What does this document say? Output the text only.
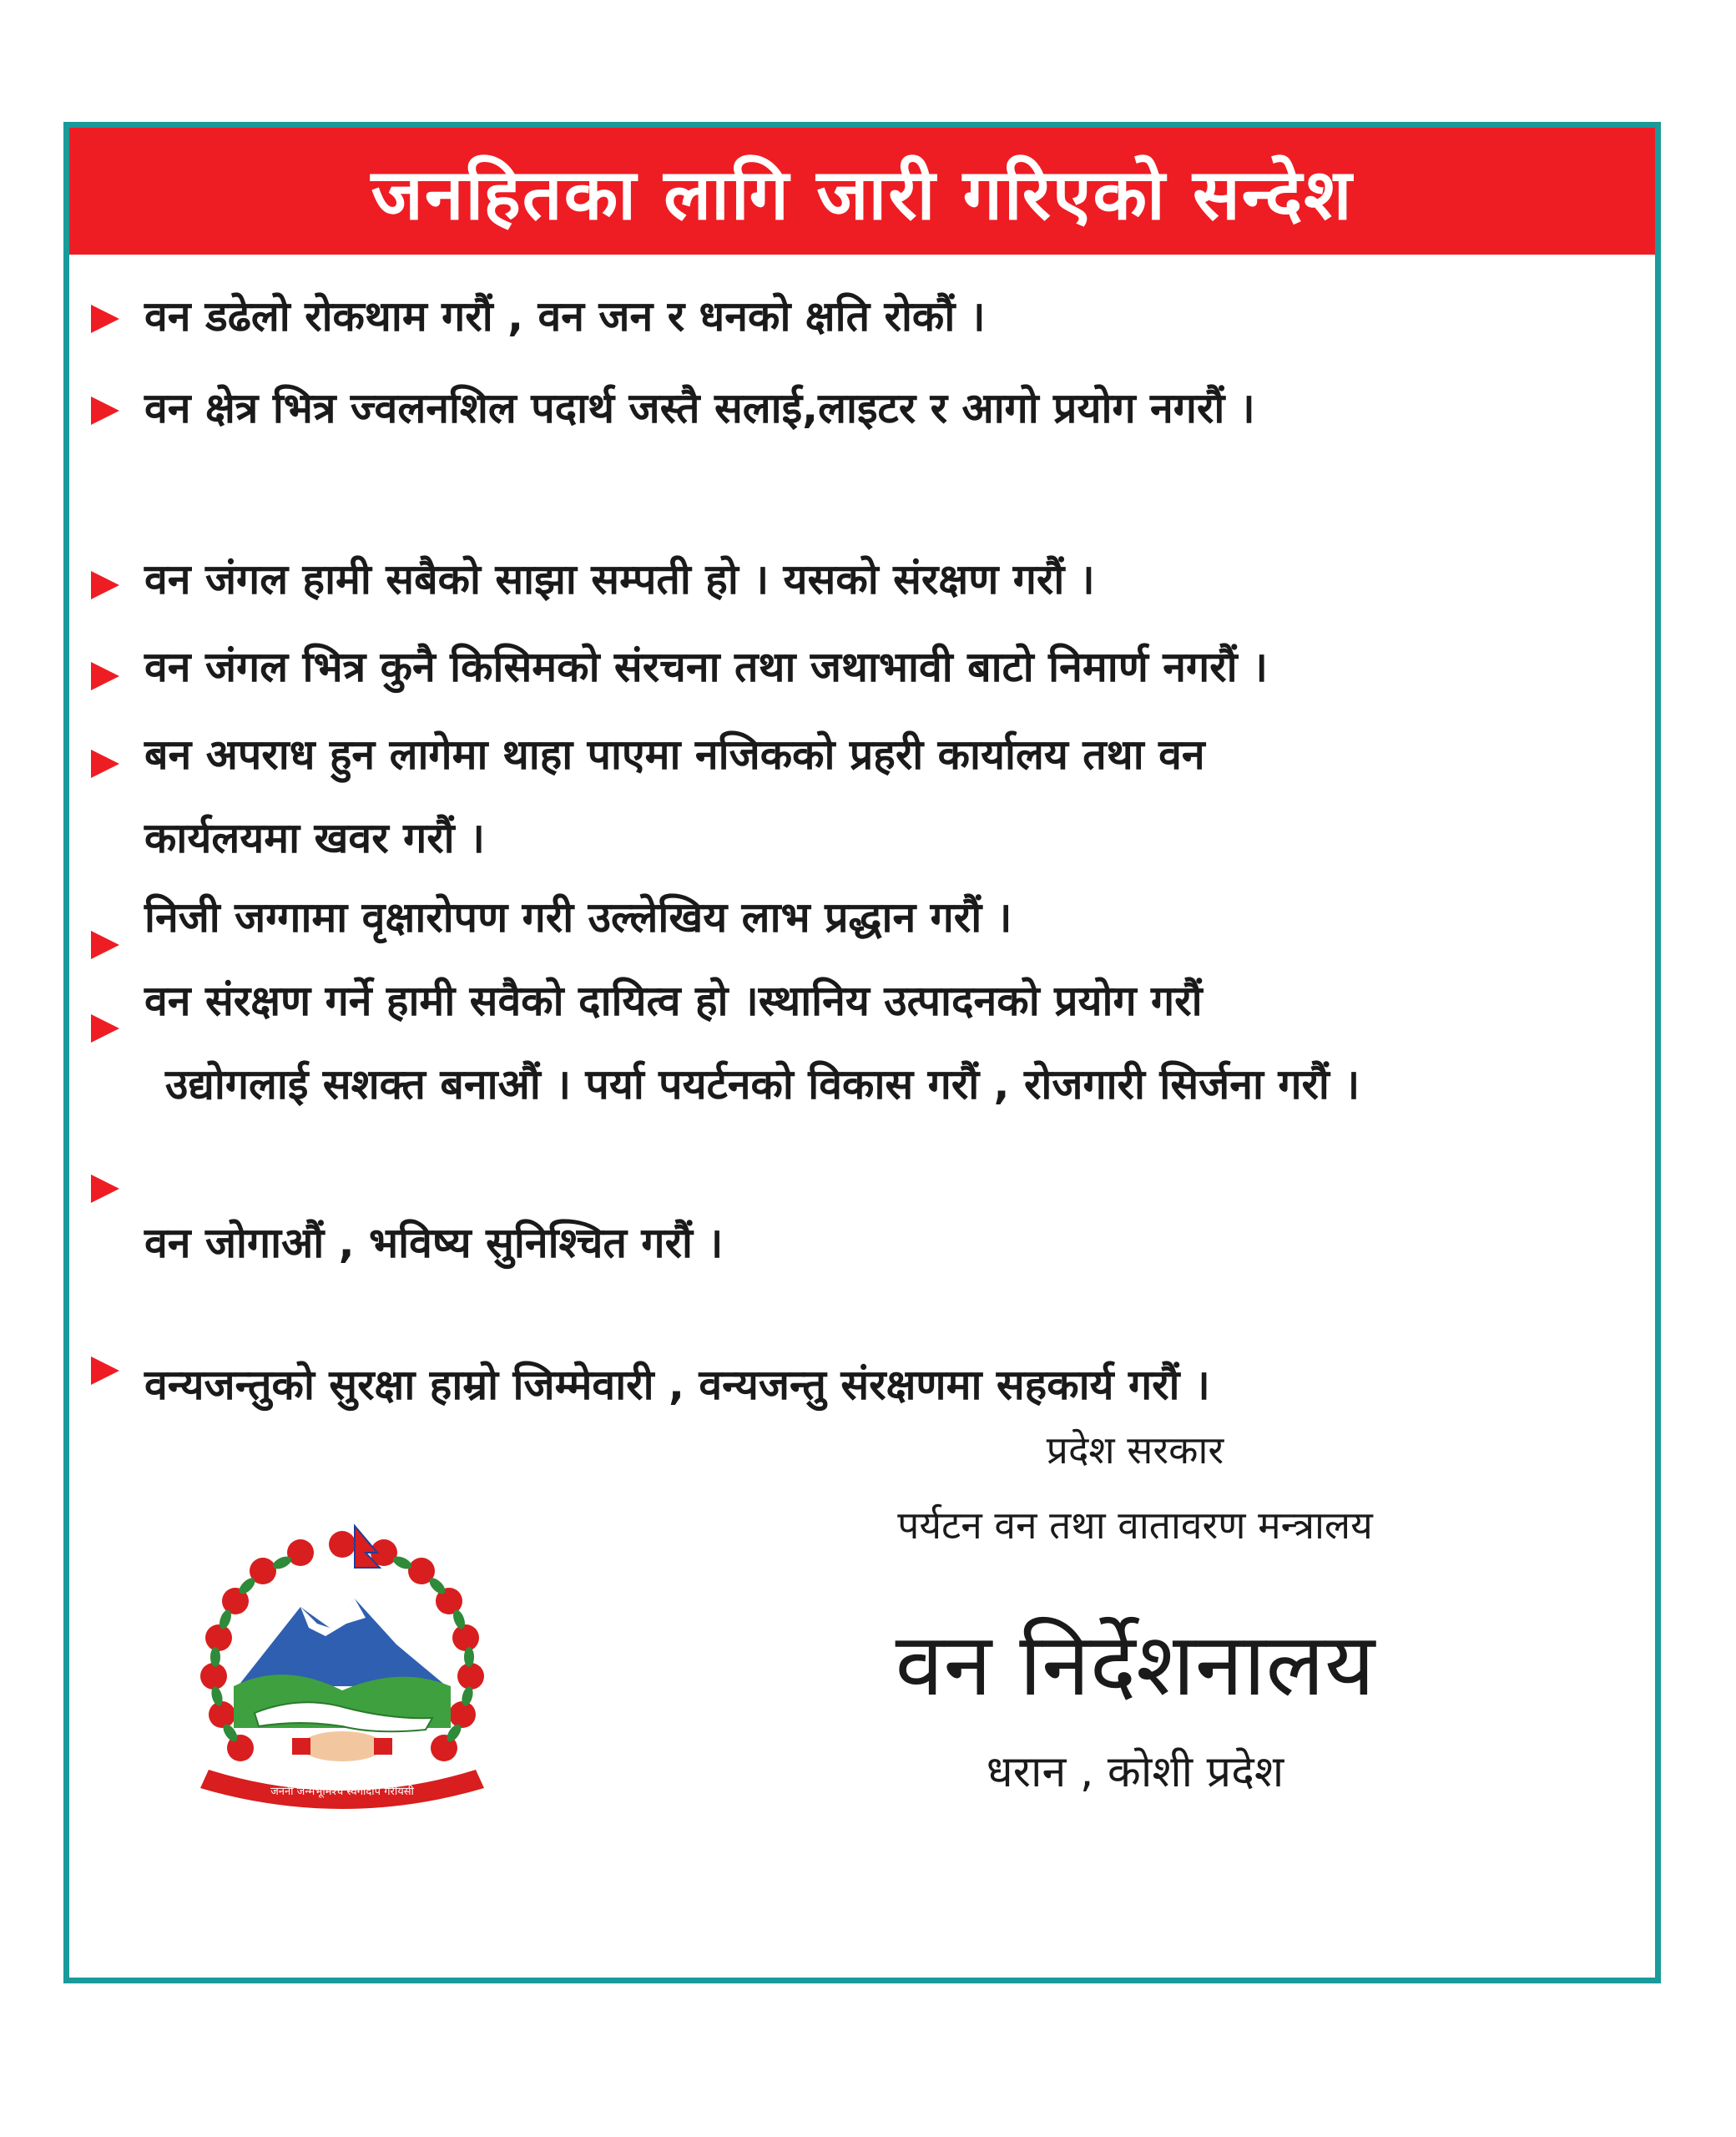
जनहितका लागि जारी गरिएको सन्देश
वन डढेलो रोकथाम गरौं , वन जन र धनको क्षति रोकौं ।
वन क्षेत्र भित्र ज्वलनशिल पदार्थ जस्तै सलाई,लाइटर र आगो प्रयोग नगरौं ।
वन जंगल हामी सबैको साझा सम्पती हो । यसको संरक्षण गरौं ।
वन जंगल भित्र कुनै किसिमको संरचना तथा जथाभावी बाटो निमार्ण नगरौं ।
बन अपराध हुन लागेमा थाहा पाएमा नजिकको प्रहरी कार्यालय तथा वन
कार्यलयमा खवर गरौं ।
निजी जग्गामा वृक्षारोपण गरी उल्लेखिय लाभ प्रद्धान गरौं ।
वन संरक्षण गर्ने हामी सवैको दायित्व हो ।स्थानिय उत्पादनको प्रयोग गरौं
उद्योगलाई सशक्त बनाऔं । पर्या पयर्टनको विकास गरौं , रोजगारी सिर्जना गरौं ।
वन जोगाऔं , भविष्य सुनिश्चित गरौं ।
वन्यजन्तुको सुरक्षा हाम्रो जिम्मेवारी , वन्यजन्तु संरक्षणमा सहकार्य गरौं ।
जननी जन्मभूमिश्च स्वर्गादपि गरीयसी
प्रदेश सरकार
पर्यटन वन तथा वातावरण मन्त्रालय
वन निर्देशनालय
धरान , कोशी प्रदेश
